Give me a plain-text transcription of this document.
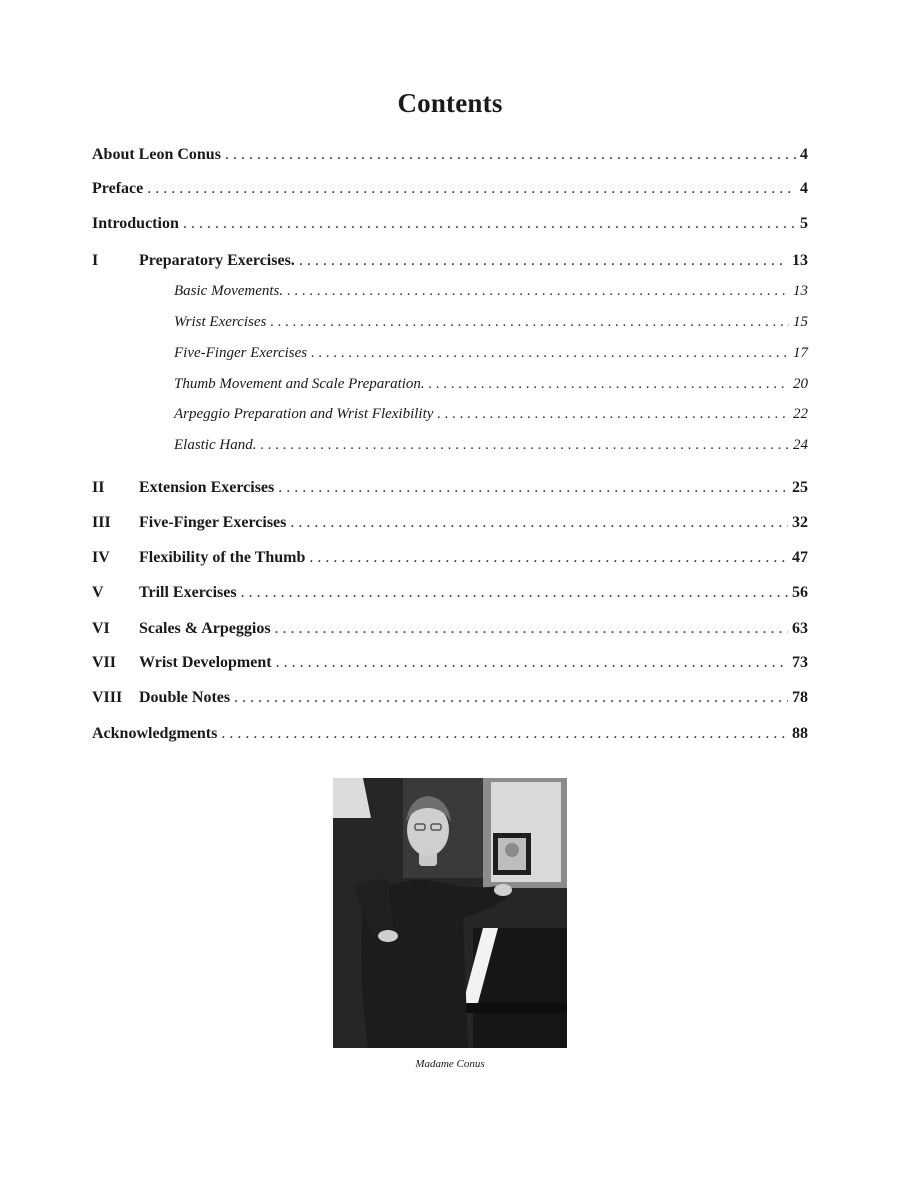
Contents
About Leon Conus . . .	4
Preface . . .	4
Introduction . . .	5
I	Preparatory Exercises. . . .	13
Basic Movements. . . .	13
Wrist Exercises . . .	15
Five-Finger Exercises . . .	17
Thumb Movement and Scale Preparation. . . .	20
Arpeggio Preparation and Wrist Flexibility . . .	22
Elastic Hand. . . .	24
II	Extension Exercises . . .	25
III	Five-Finger Exercises . . .	32
IV	Flexibility of the Thumb . . .	47
V	Trill Exercises . . .	56
VI	Scales & Arpeggios . . .	63
VII	Wrist Development . . .	73
VIII	Double Notes . . .	78
Acknowledgments . . .	88
Madame Conus
